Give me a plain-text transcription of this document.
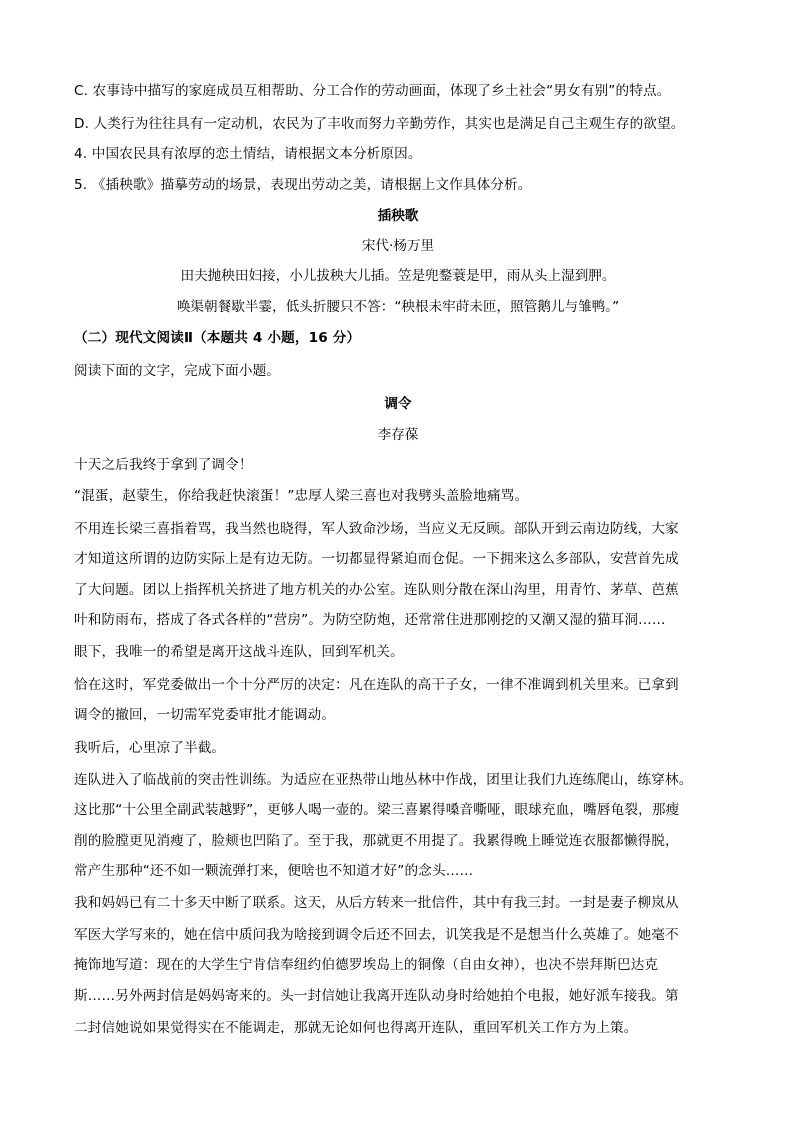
C. 农事诗中描写的家庭成员互相帮助、分工合作的劳动画面，体现了乡土社会“男女有别”的特点。
D. 人类行为往往具有一定动机，农民为了丰收而努力辛勤劳作，其实也是满足自己主观生存的欲望。
4. 中国农民具有浓厚的恋土情结，请根据文本分析原因。
5. 《插秧歌》描摹劳动的场景，表现出劳动之美，请根据上文作具体分析。
插秧歌
宋代·杨万里
田夫抛秧田妇接，小儿拔秧大儿插。笠是兜鍪蓑是甲，雨从头上湿到胛。
唤渠朝餐歇半霎，低头折腰只不答：“秧根未牢莳未匝，照管鹅儿与雏鸭。”
（二）现代文阅读Ⅱ（本题共 4 小题，16 分）
阅读下面的文字，完成下面小题。
调令
李存葆
十天之后我终于拿到了调令！
“混蛋，赵蒙生，你给我赶快滚蛋！”忠厚人梁三喜也对我劈头盖脸地痛骂。
不用连长梁三喜指着骂，我当然也晓得，军人致命沙场，当应义无反顾。部队开到云南边防线，大家
才知道这所谓的边防实际上是有边无防。一切都显得紧迫而仓促。一下拥来这么多部队，安营首先成
了大问题。团以上指挥机关挤进了地方机关的办公室。连队则分散在深山沟里，用青竹、茅草、芭蕉
叶和防雨布，搭成了各式各样的“营房”。为防空防炮，还常常住进那刚挖的又潮又湿的猫耳洞……
眼下，我唯一的希望是离开这战斗连队，回到军机关。
恰在这时，军党委做出一个十分严厉的决定：凡在连队的高干子女，一律不准调到机关里来。已拿到
调令的撤回，一切需军党委审批才能调动。
我听后，心里凉了半截。
连队进入了临战前的突击性训练。为适应在亚热带山地丛林中作战，团里让我们九连练爬山，练穿林。
这比那“十公里全副武装越野”，更够人喝一壶的。梁三喜累得嗓音嘶哑，眼球充血，嘴唇龟裂，那瘦
削的脸膛更见消瘦了，脸颊也凹陷了。至于我，那就更不用提了。我累得晚上睡觉连衣服都懒得脱，
常产生那种“还不如一颗流弹打来，便啥也不知道才好”的念头……
我和妈妈已有二十多天中断了联系。这天，从后方转来一批信件，其中有我三封。一封是妻子柳岚从
军医大学写来的，她在信中质问我为啥接到调令后还不回去，讥笑我是不是想当什么英雄了。她毫不
掩饰地写道：现在的大学生宁肯信奉纽约伯德罗埃岛上的铜像（自由女神），也决不崇拜斯巴达克
斯……另外两封信是妈妈寄来的。头一封信她让我离开连队动身时给她拍个电报，她好派车接我。第
二封信她说如果觉得实在不能调走，那就无论如何也得离开连队，重回军机关工作方为上策。
